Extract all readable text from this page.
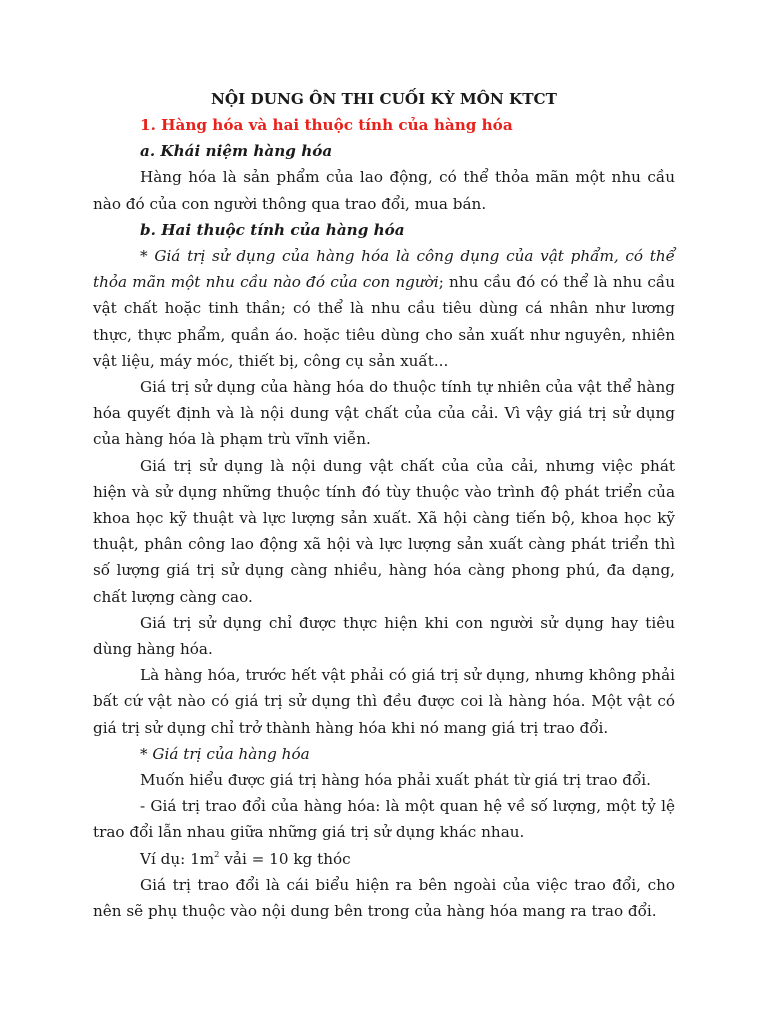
NỘI DUNG ÔN THI CUỐI KỲ MÔN KTCT

1. Hàng hóa và hai thuộc tính của hàng hóa

a. Khái niệm hàng hóa

Hàng hóa là sản phẩm của lao động, có thể thỏa mãn một nhu cầu nào đó của con người thông qua trao đổi, mua bán.

b. Hai thuộc tính của hàng hóa

* Giá trị sử dụng của hàng hóa là công dụng của vật phẩm, có thể thỏa mãn một nhu cầu nào đó của con người; nhu cầu đó có thể là nhu cầu vật chất hoặc tinh thần; có thể là nhu cầu tiêu dùng cá nhân như lương thực, thực phẩm, quần áo. hoặc tiêu dùng cho sản xuất như nguyên, nhiên vật liệu, máy móc, thiết bị, công cụ sản xuất...

Giá trị sử dụng của hàng hóa do thuộc tính tự nhiên của vật thể hàng hóa quyết định và là nội dung vật chất của của cải. Vì vậy giá trị sử dụng của hàng hóa là phạm trù vĩnh viễn.

Giá trị sử dụng là nội dung vật chất của của cải, nhưng việc phát hiện và sử dụng những thuộc tính đó tùy thuộc vào trình độ phát triển của khoa học kỹ thuật và lực lượng sản xuất. Xã hội càng tiến bộ, khoa học kỹ thuật, phân công lao động xã hội và lực lượng sản xuất càng phát triển thì số lượng giá trị sử dụng càng nhiều, hàng hóa càng phong phú, đa dạng, chất lượng càng cao.

Giá trị sử dụng chỉ được thực hiện khi con người sử dụng hay tiêu dùng hàng hóa.

Là hàng hóa, trước hết vật phải có giá trị sử dụng, nhưng không phải bất cứ vật nào có giá trị sử dụng thì đều được coi là hàng hóa. Một vật có giá trị sử dụng chỉ trở thành hàng hóa khi nó mang giá trị trao đổi.

* Giá trị của hàng hóa

Muốn hiểu được giá trị hàng hóa phải xuất phát từ giá trị trao đổi.

- Giá trị trao đổi của hàng hóa: là một quan hệ về số lượng, một tỷ lệ trao đổi lẫn nhau giữa những giá trị sử dụng khác nhau.

Ví dụ: $1m^2$ vải = 10 kg thóc

Giá trị trao đổi là cái biểu hiện ra bên ngoài của việc trao đổi, cho nên sẽ phụ thuộc vào nội dung bên trong của hàng hóa mang ra trao đổi.
